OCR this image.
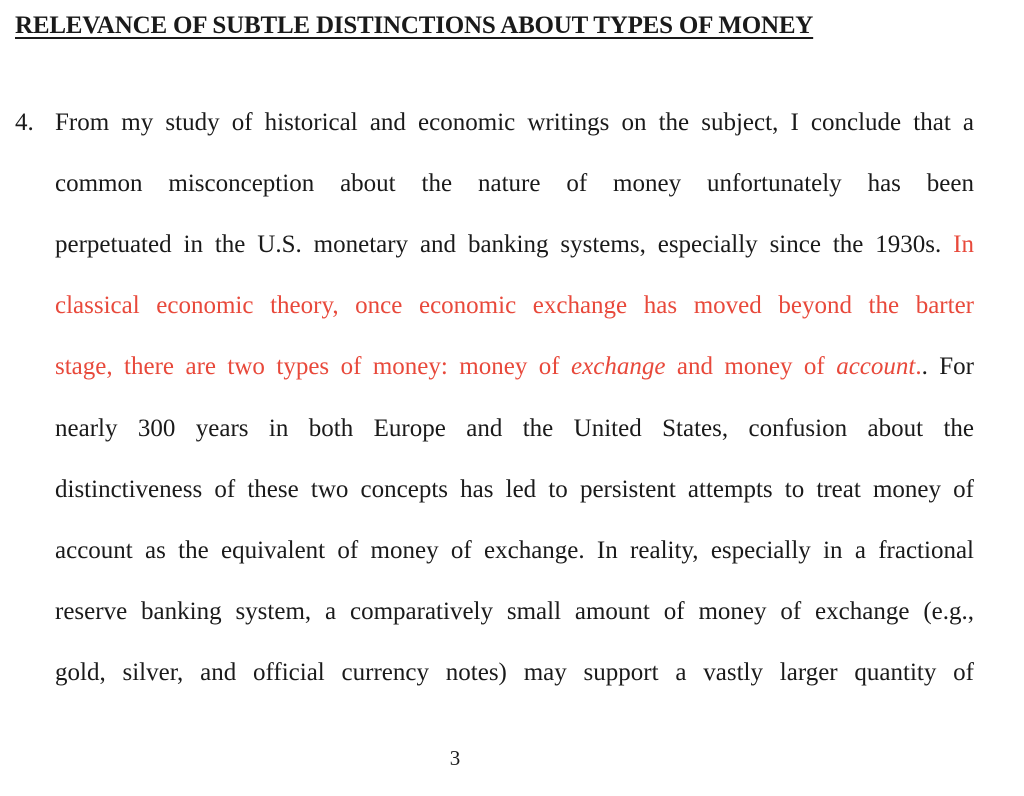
RELEVANCE OF SUBTLE DISTINCTIONS ABOUT TYPES OF MONEY
4. From my study of historical and economic writings on the subject, I conclude that a
common misconception about the nature of money unfortunately has been
perpetuated in the U.S. monetary and banking systems, especially since the 1930s. In
classical economic theory, once economic exchange has moved beyond the barter
stage, there are two types of money: money of exchange and money of account.. For
nearly 300 years in both Europe and the United States, confusion about the
distinctiveness of these two concepts has led to persistent attempts to treat money of
account as the equivalent of money of exchange. In reality, especially in a fractional
reserve banking system, a comparatively small amount of money of exchange (e.g.,
gold, silver, and official currency notes) may support a vastly larger quantity of
3
